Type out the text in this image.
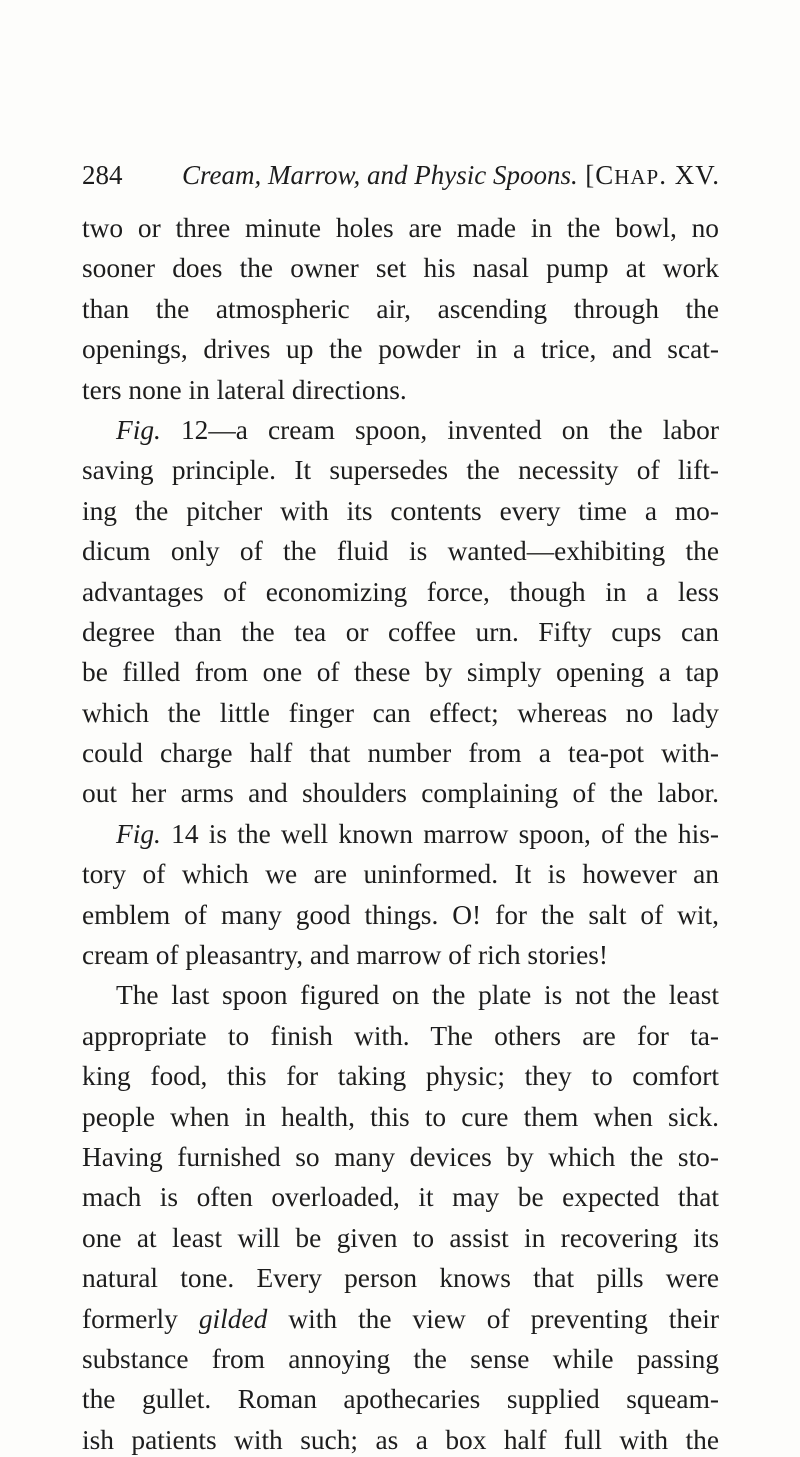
284 Cream, Marrow, and Physic Spoons. [CHAP. XV.
two or three minute holes are made in the bowl, no
sooner does the owner set his nasal pump at work
than the atmospheric air, ascending through the
openings, drives up the powder in a trice, and scat-
ters none in lateral directions.
Fig. 12—a cream spoon, invented on the labor
saving principle. It supersedes the necessity of lift-
ing the pitcher with its contents every time a mo-
dicum only of the fluid is wanted—exhibiting the
advantages of economizing force, though in a less
degree than the tea or coffee urn. Fifty cups can
be filled from one of these by simply opening a tap
which the little finger can effect; whereas no lady
could charge half that number from a tea-pot with-
out her arms and shoulders complaining of the labor.
Fig. 14 is the well known marrow spoon, of the his-
tory of which we are uninformed. It is however an
emblem of many good things. O! for the salt of wit,
cream of pleasantry, and marrow of rich stories!
The last spoon figured on the plate is not the least
appropriate to finish with. The others are for ta-
king food, this for taking physic; they to comfort
people when in health, this to cure them when sick.
Having furnished so many devices by which the sto-
mach is often overloaded, it may be expected that
one at least will be given to assist in recovering its
natural tone. Every person knows that pills were
formerly gilded with the view of preventing their
substance from annoying the sense while passing
the gullet. Roman apothecaries supplied squeam-
ish patients with such; as a box half full with the
